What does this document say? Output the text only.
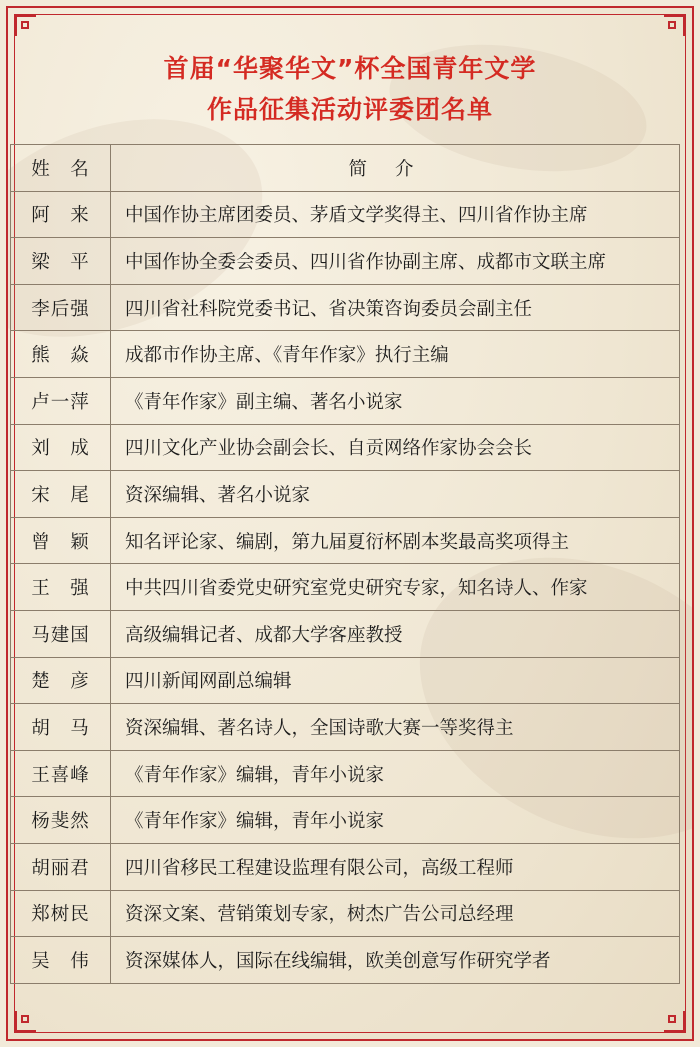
首届“华聚华文”杯全国青年文学
作品征集活动评委团名单
姓　名	简介
阿　来	中国作协主席团委员、茅盾文学奖得主、四川省作协主席
梁　平	中国作协全委会委员、四川省作协副主席、成都市文联主席
李后强	四川省社科院党委书记、省决策咨询委员会副主任
熊　焱	成都市作协主席、《青年作家》执行主编
卢一萍	《青年作家》副主编、著名小说家
刘　成	四川文化产业协会副会长、自贡网络作家协会会长
宋　尾	资深编辑、著名小说家
曾　颖	知名评论家、编剧，第九届夏衍杯剧本奖最高奖项得主
王　强	中共四川省委党史研究室党史研究专家，知名诗人、作家
马建国	高级编辑记者、成都大学客座教授
楚　彦	四川新闻网副总编辑
胡　马	资深编辑、著名诗人，全国诗歌大赛一等奖得主
王喜峰	《青年作家》编辑，青年小说家
杨斐然	《青年作家》编辑，青年小说家
胡丽君	四川省移民工程建设监理有限公司，高级工程师
郑树民	资深文案、营销策划专家，树杰广告公司总经理
吴　伟	资深媒体人，国际在线编辑，欧美创意写作研究学者
